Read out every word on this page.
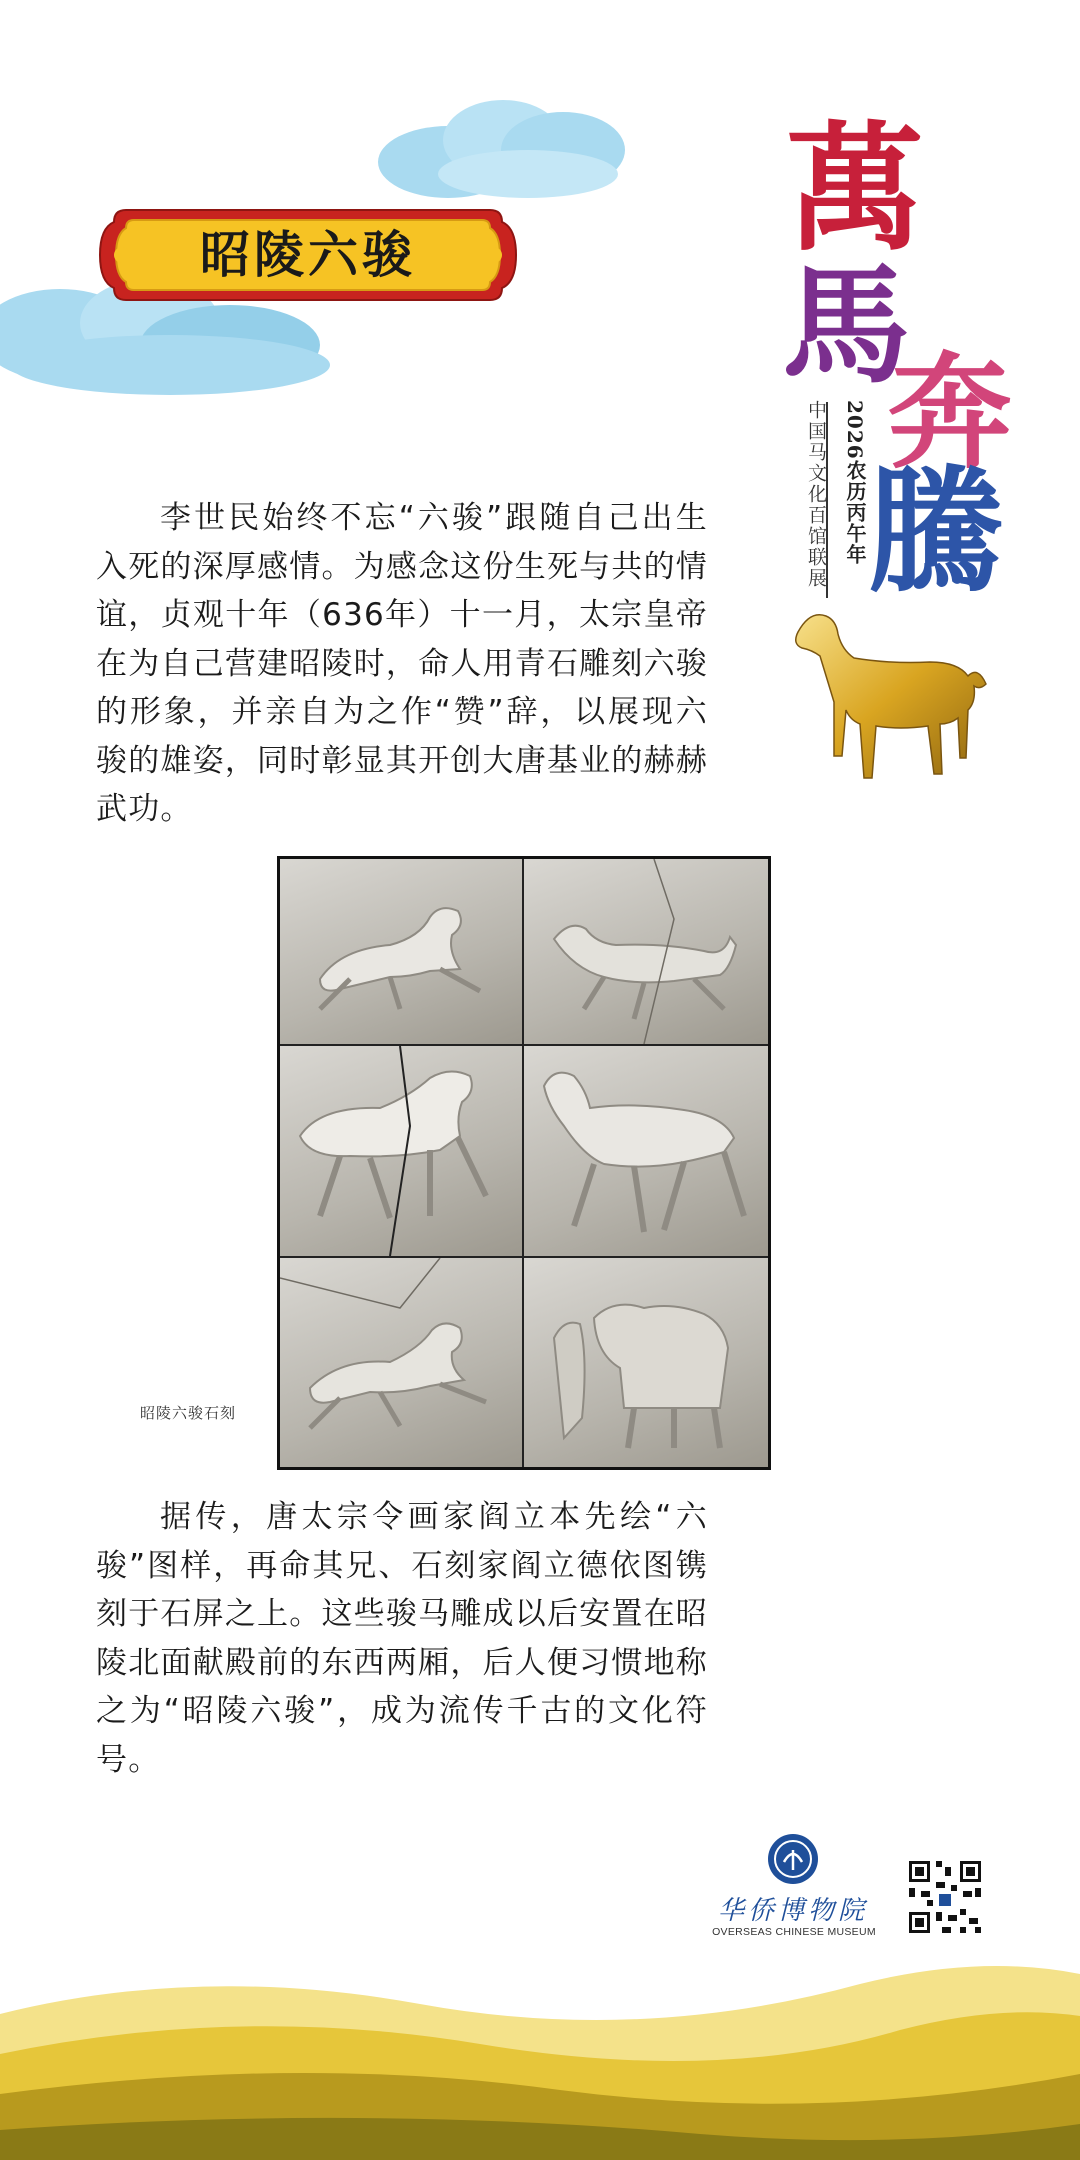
昭陵六骏	萬
馬
奔
騰
2026农历丙午年
中国马文化百馆联展

李世民始终不忘“六骏”跟随自己出生入死的深厚感情。为感念这份生死与共的情谊，贞观十年（636年）十一月，太宗皇帝在为自己营建昭陵时，命人用青石雕刻六骏的形象，并亲自为之作“赞”辞，以展现六骏的雄姿，同时彰显其开创大唐基业的赫赫武功。

昭陵六骏石刻

据传，唐太宗令画家阎立本先绘“六骏”图样，再命其兄、石刻家阎立德依图镌刻于石屏之上。这些骏马雕成以后安置在昭陵北面献殿前的东西两厢，后人便习惯地称之为“昭陵六骏”，成为流传千古的文化符号。

华侨博物院
OVERSEAS CHINESE MUSEUM
